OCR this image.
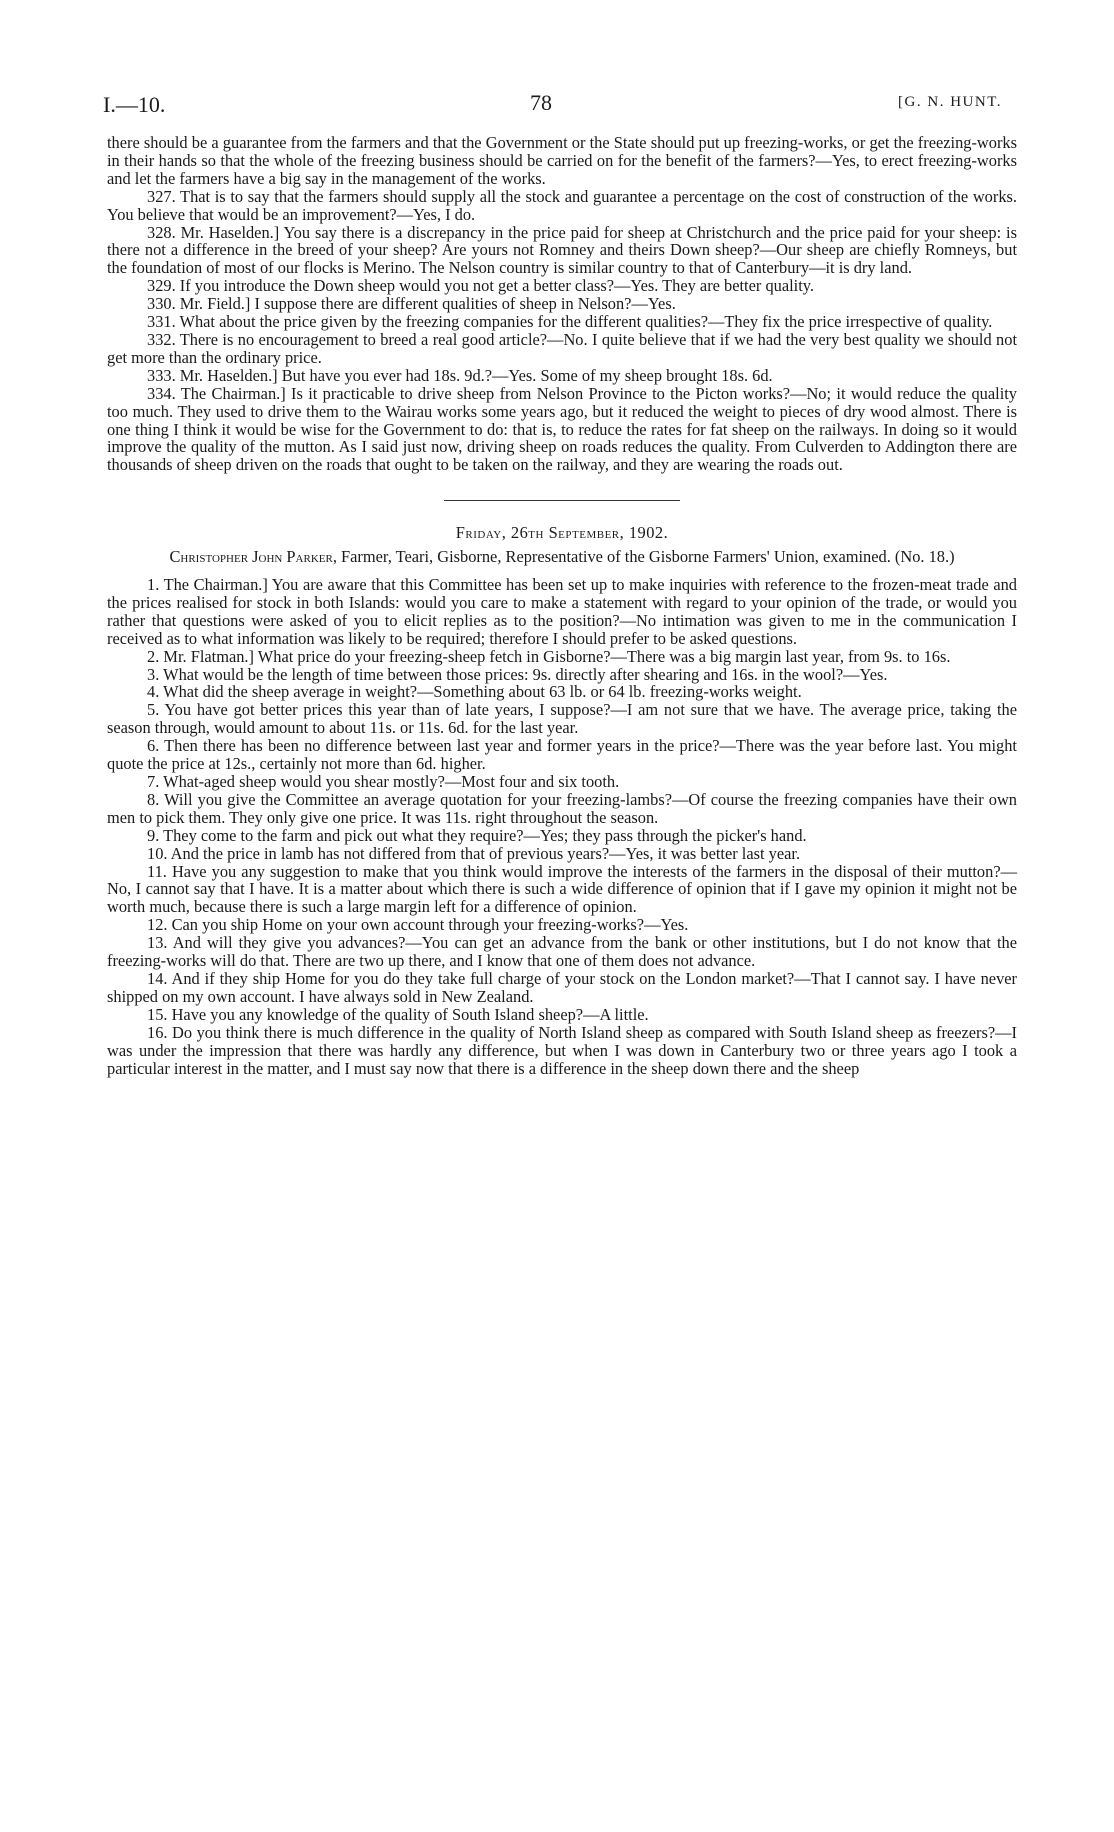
I.—10.	78	[G. N. HUNT.

there should be a guarantee from the farmers and that the Government or the State should put up freezing-works, or get the freezing-works in their hands so that the whole of the freezing business should be carried on for the benefit of the farmers?—Yes, to erect freezing-works and let the farmers have a big say in the management of the works.

327. That is to say that the farmers should supply all the stock and guarantee a percentage on the cost of construction of the works. You believe that would be an improvement?—Yes, I do.

328. Mr. Haselden.] You say there is a discrepancy in the price paid for sheep at Christchurch and the price paid for your sheep: is there not a difference in the breed of your sheep? Are yours not Romney and theirs Down sheep?—Our sheep are chiefly Romneys, but the foundation of most of our flocks is Merino. The Nelson country is similar country to that of Canterbury—it is dry land.

329. If you introduce the Down sheep would you not get a better class?—Yes. They are better quality.

330. Mr. Field.] I suppose there are different qualities of sheep in Nelson?—Yes.

331. What about the price given by the freezing companies for the different qualities?—They fix the price irrespective of quality.

332. There is no encouragement to breed a real good article?—No. I quite believe that if we had the very best quality we should not get more than the ordinary price.

333. Mr. Haselden.] But have you ever had 18s. 9d.?—Yes. Some of my sheep brought 18s. 6d.

334. The Chairman.] Is it practicable to drive sheep from Nelson Province to the Picton works?—No; it would reduce the quality too much. They used to drive them to the Wairau works some years ago, but it reduced the weight to pieces of dry wood almost. There is one thing I think it would be wise for the Government to do: that is, to reduce the rates for fat sheep on the railways. In doing so it would improve the quality of the mutton. As I said just now, driving sheep on roads reduces the quality. From Culverden to Addington there are thousands of sheep driven on the roads that ought to be taken on the railway, and they are wearing the roads out.

Friday, 26th September, 1902.

Christopher John Parker, Farmer, Teari, Gisborne, Representative of the Gisborne Farmers' Union, examined. (No. 18.)

1. The Chairman.] You are aware that this Committee has been set up to make inquiries with reference to the frozen-meat trade and the prices realised for stock in both Islands: would you care to make a statement with regard to your opinion of the trade, or would you rather that questions were asked of you to elicit replies as to the position?—No intimation was given to me in the communication I received as to what information was likely to be required; therefore I should prefer to be asked questions.

2. Mr. Flatman.] What price do your freezing-sheep fetch in Gisborne?—There was a big margin last year, from 9s. to 16s.

3. What would be the length of time between those prices: 9s. directly after shearing and 16s. in the wool?—Yes.

4. What did the sheep average in weight?—Something about 63 lb. or 64 lb. freezing-works weight.

5. You have got better prices this year than of late years, I suppose?—I am not sure that we have. The average price, taking the season through, would amount to about 11s. or 11s. 6d. for the last year.

6. Then there has been no difference between last year and former years in the price?—There was the year before last. You might quote the price at 12s., certainly not more than 6d. higher.

7. What-aged sheep would you shear mostly?—Most four and six tooth.

8. Will you give the Committee an average quotation for your freezing-lambs?—Of course the freezing companies have their own men to pick them. They only give one price. It was 11s. right throughout the season.

9. They come to the farm and pick out what they require?—Yes; they pass through the picker's hand.

10. And the price in lamb has not differed from that of previous years?—Yes, it was better last year.

11. Have you any suggestion to make that you think would improve the interests of the farmers in the disposal of their mutton?—No, I cannot say that I have. It is a matter about which there is such a wide difference of opinion that if I gave my opinion it might not be worth much, because there is such a large margin left for a difference of opinion.

12. Can you ship Home on your own account through your freezing-works?—Yes.

13. And will they give you advances?—You can get an advance from the bank or other institutions, but I do not know that the freezing-works will do that. There are two up there, and I know that one of them does not advance.

14. And if they ship Home for you do they take full charge of your stock on the London market?—That I cannot say. I have never shipped on my own account. I have always sold in New Zealand.

15. Have you any knowledge of the quality of South Island sheep?—A little.

16. Do you think there is much difference in the quality of North Island sheep as compared with South Island sheep as freezers?—I was under the impression that there was hardly any difference, but when I was down in Canterbury two or three years ago I took a particular interest in the matter, and I must say now that there is a difference in the sheep down there and the sheep
